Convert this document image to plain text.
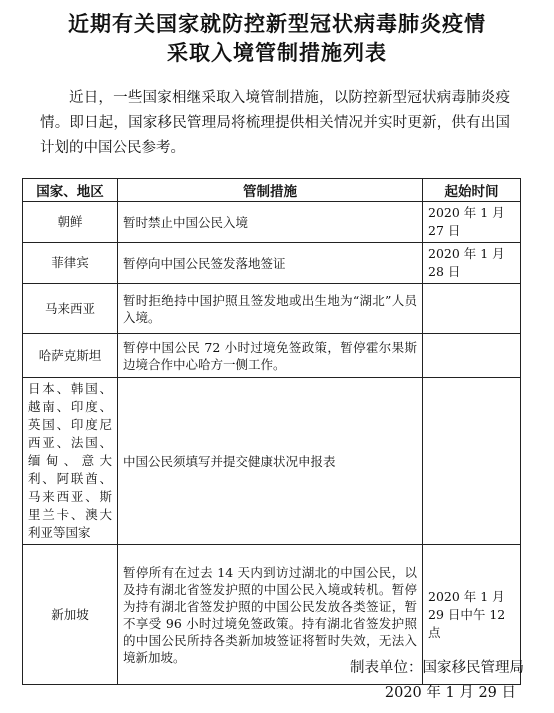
近期有关国家就防控新型冠状病毒肺炎疫情
采取入境管制措施列表

近日，一些国家相继采取入境管制措施，以防控新型冠状病毒肺炎疫情。即日起，国家移民管理局将梳理提供相关情况并实时更新，供有出国计划的中国公民参考。

国家、地区	管制措施	起始时间
朝鲜	暂时禁止中国公民入境	2020 年 1 月 27 日
菲律宾	暂停向中国公民签发落地签证	2020 年 1 月 28 日
马来西亚	暂时拒绝持中国护照且签发地或出生地为“湖北”人员入境。	
哈萨克斯坦	暂停中国公民 72 小时过境免签政策，暂停霍尔果斯边境合作中心哈方一侧工作。	
日本、韩国、越南、印度、英国、印度尼西亚、法国、缅甸、意大利、阿联酋、马来西亚、斯里兰卡、澳大利亚等国家	中国公民须填写并提交健康状况申报表	
新加坡	暂停所有在过去 14 天内到访过湖北的中国公民，以及持有湖北省签发护照的中国公民入境或转机。暂停为持有湖北省签发护照的中国公民发放各类签证，暂不享受 96 小时过境免签政策。持有湖北省签发护照的中国公民所持各类新加坡签证将暂时失效，无法入境新加坡。	2020 年 1 月 29 日中午 12 点
制表单位：国家移民管理局
2020 年 1 月 29 日
